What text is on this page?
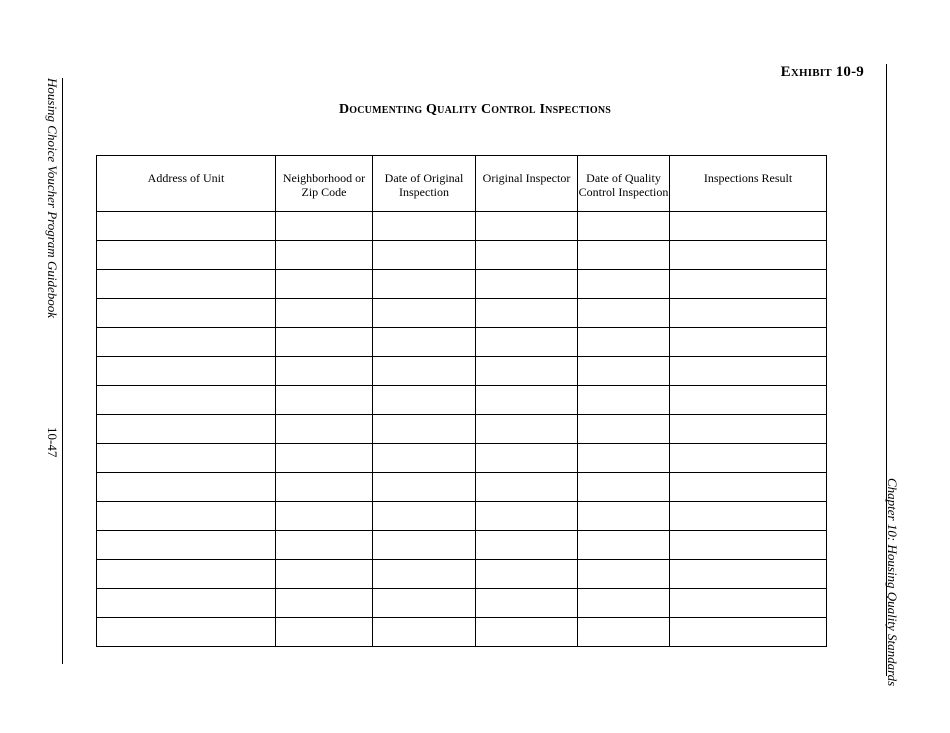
Housing Choice Voucher Program Guidebook
10-47
Chapter 10: Housing Quality Standards
Exhibit 10-9
Documenting Quality Control Inspections
Address of Unit	Neighborhood or Zip Code	Date of Original Inspection	Original Inspector	Date of Quality Control Inspection	Inspections Result
